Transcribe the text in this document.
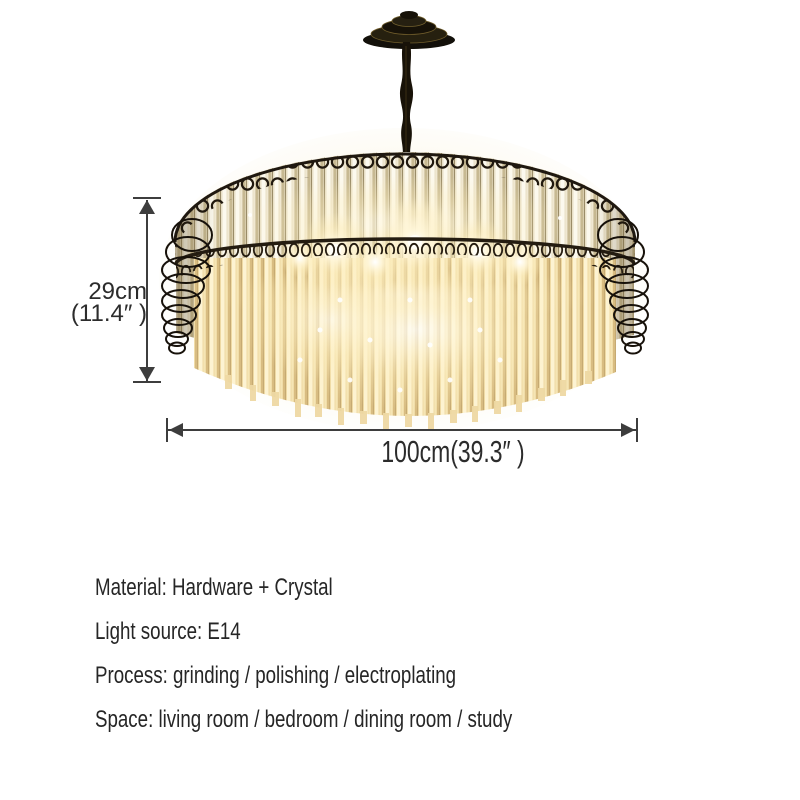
29cm
(11.4″ )
100cm(39.3″ )
Material: Hardware + Crystal
Light source: E14
Process: grinding / polishing / electroplating
Space: living room / bedroom / dining room / study
